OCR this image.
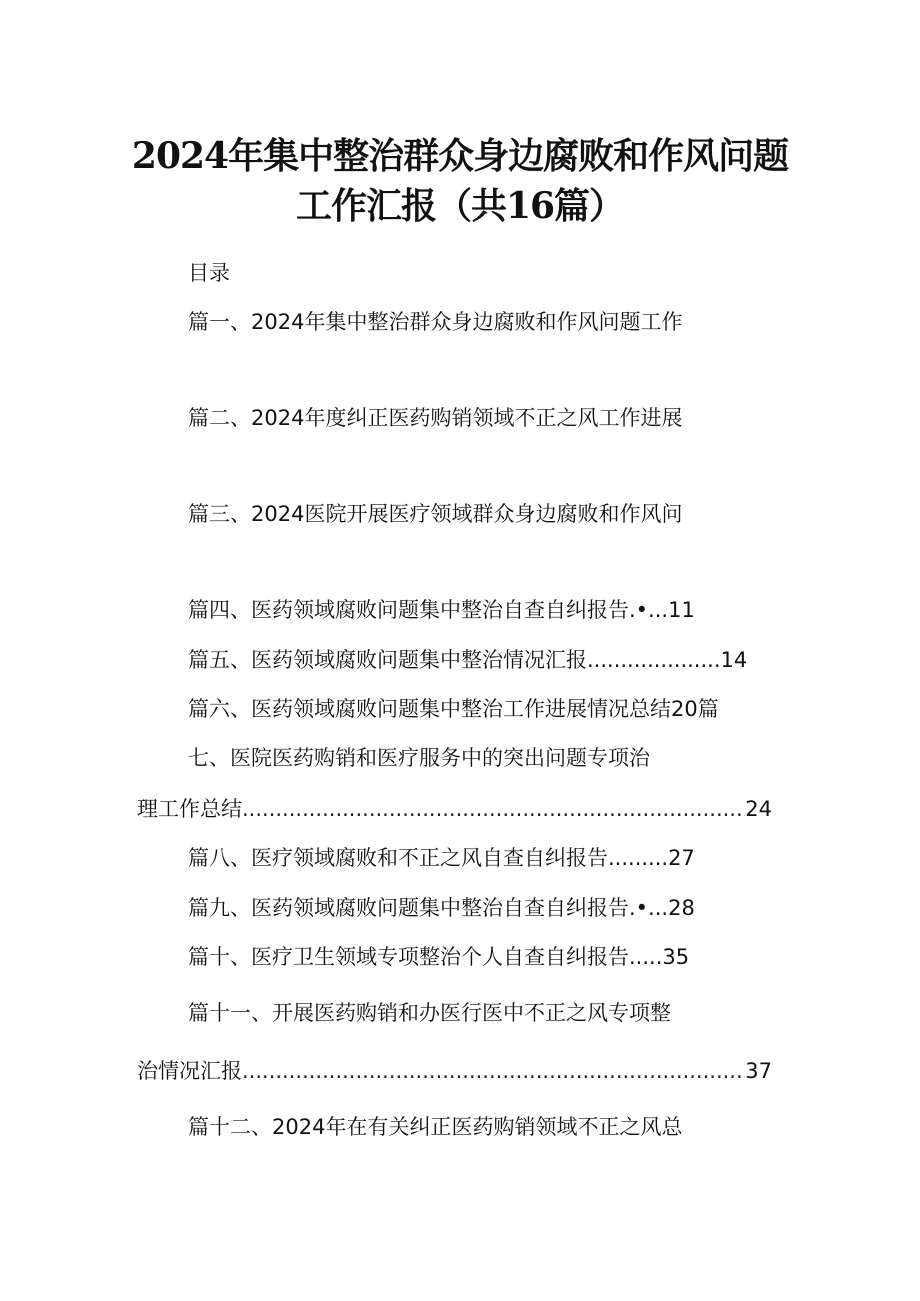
2024年集中整治群众身边腐败和作风问题
工作汇报（共16篇）
目录
篇一、2024年集中整治群众身边腐败和作风问题工作
篇二、2024年度纠正医药购销领域不正之风工作进展
篇三、2024医院开展医疗领域群众身边腐败和作风问
篇四、医药领域腐败问题集中整治自查自纠报告.•...11
篇五、医药领域腐败问题集中整治情况汇报....................14
篇六、医药领域腐败问题集中整治工作进展情况总结20篇
七、医院医药购销和医疗服务中的突出问题专项治
理工作总结 .....	24
篇八、医疗领域腐败和不正之风自查自纠报告.........27
篇九、医药领域腐败问题集中整治自查自纠报告.•...28
篇十、医疗卫生领域专项整治个人自查自纠报告.....35
篇十一、开展医药购销和办医行医中不正之风专项整
治情况汇报 .....	37
篇十二、2024年在有关纠正医药购销领域不正之风总
